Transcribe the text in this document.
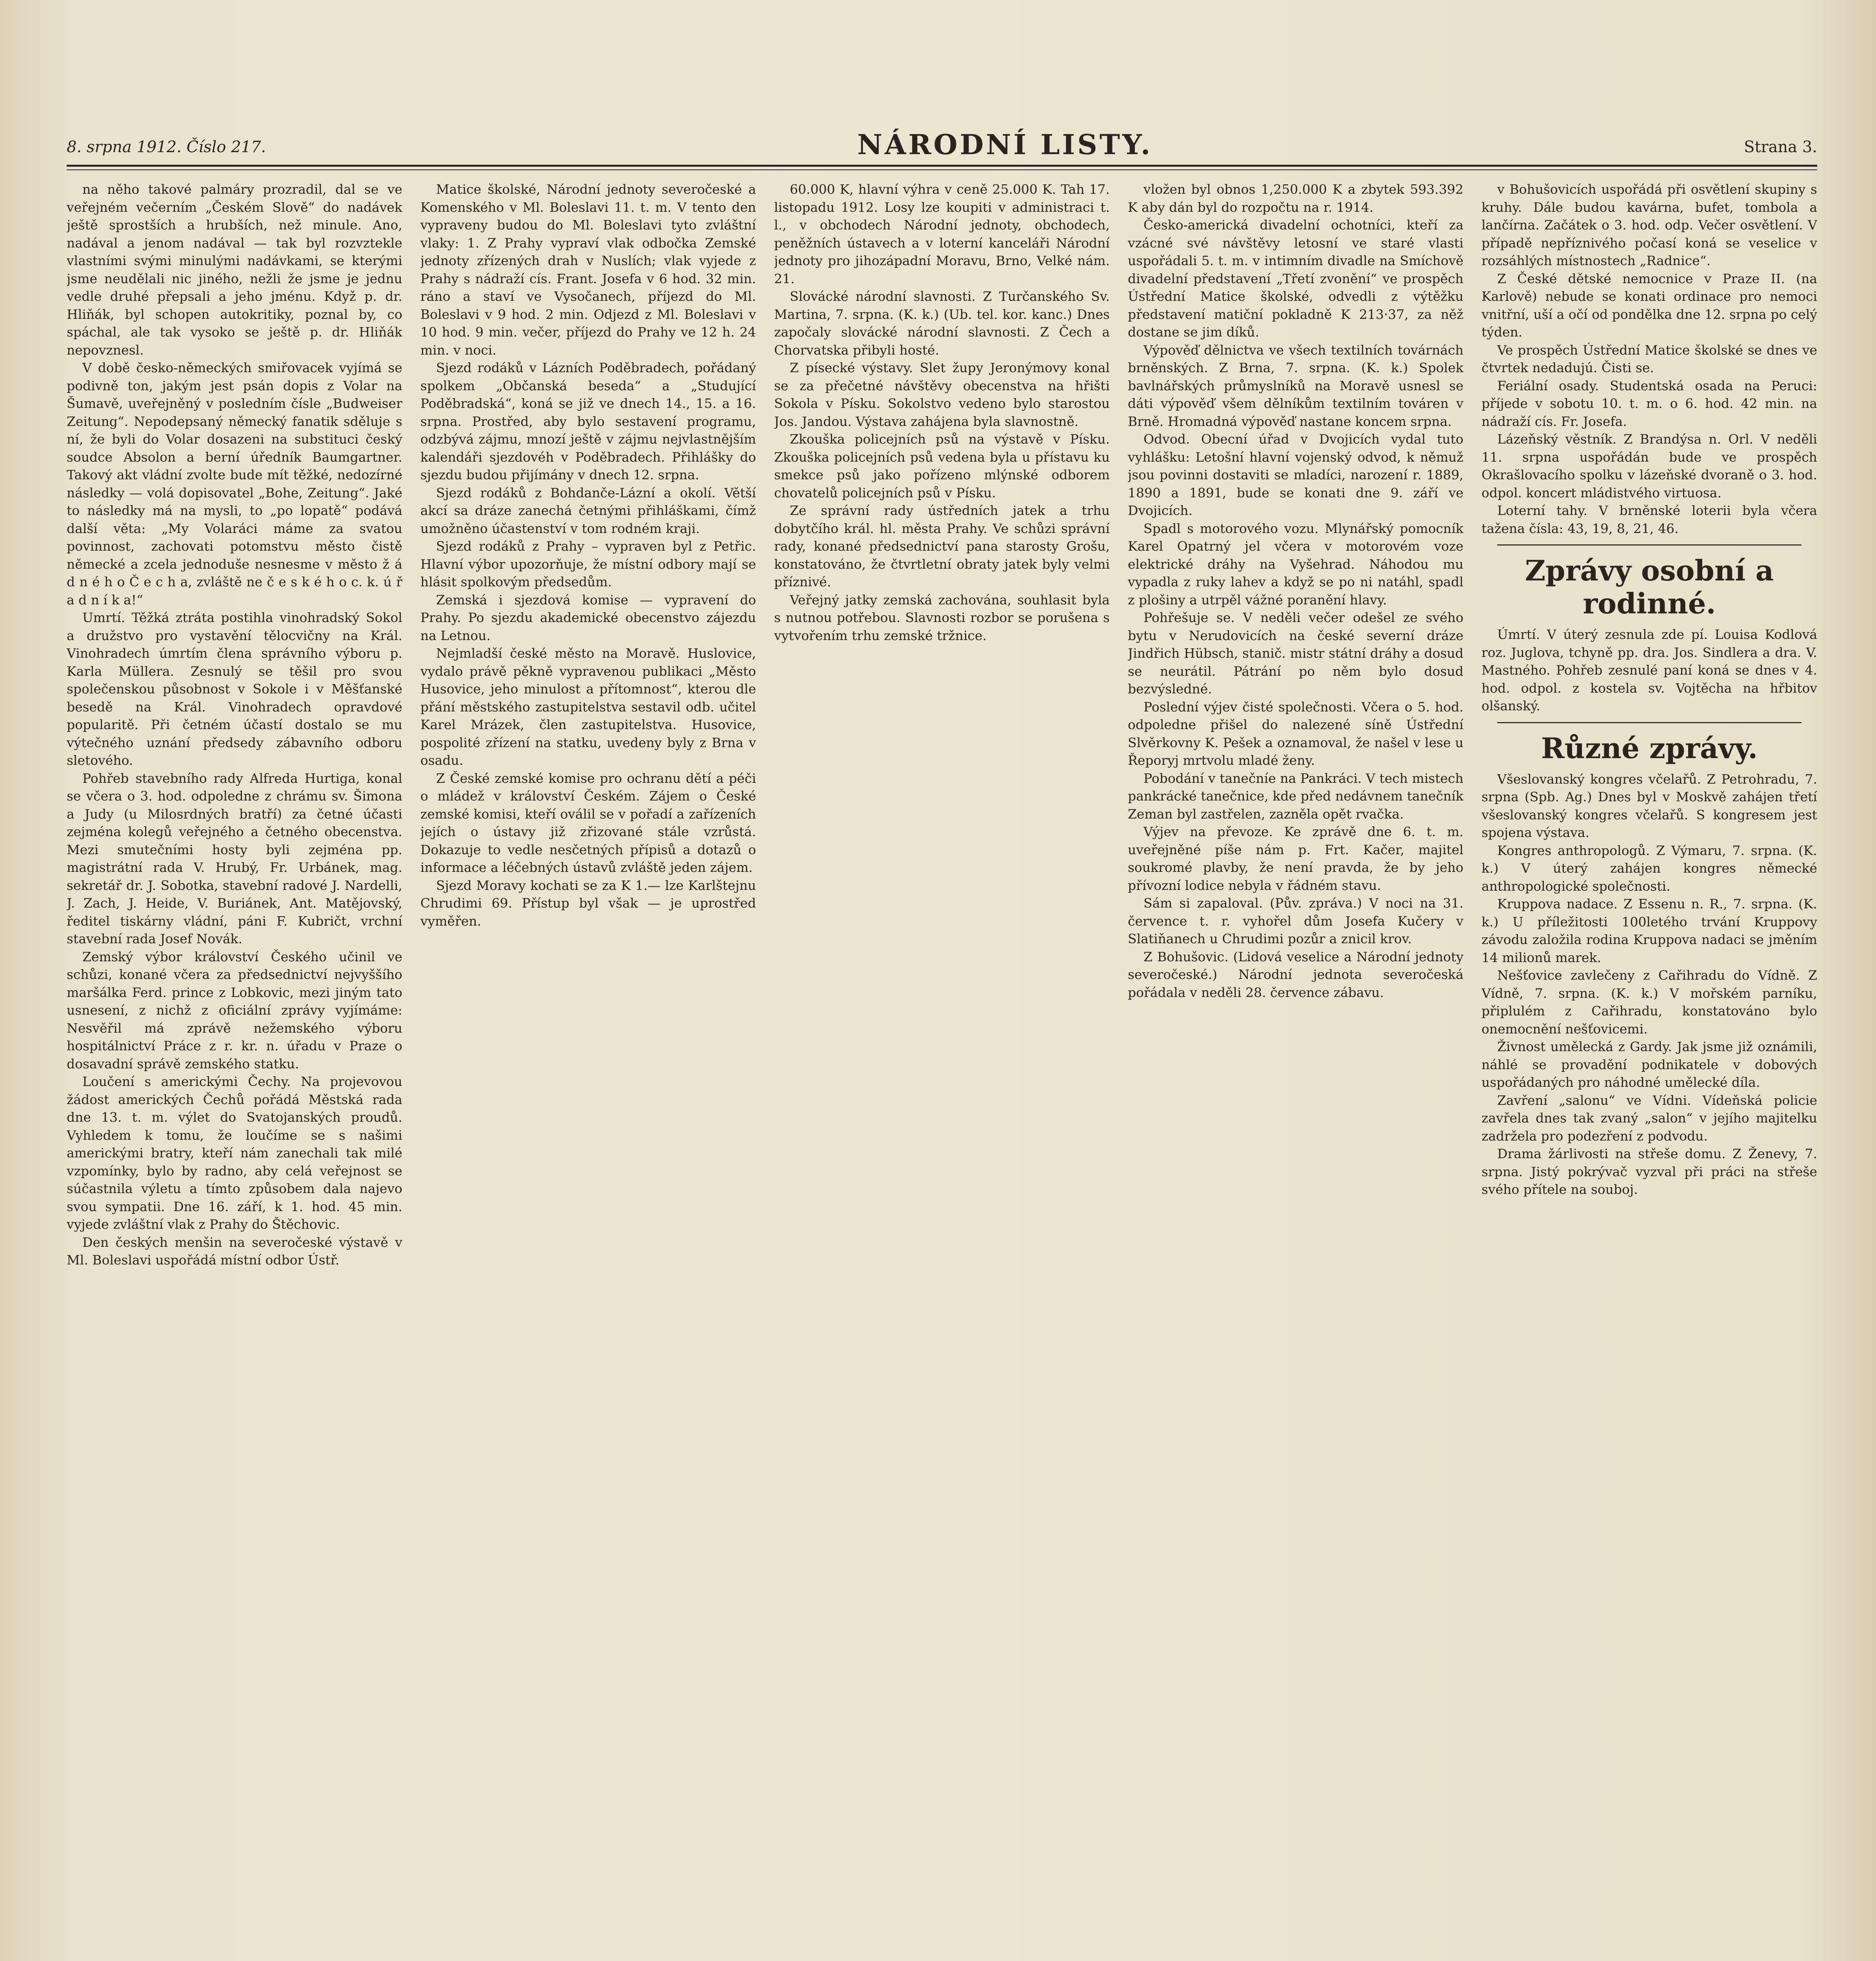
8. srpna 1912. Číslo 217.	NÁRODNÍ LISTY.	Strana 3.

na něho takové palmáry prozradil, dal se ve veřejném večerním „Českém Slově“ do nadávek ještě sprostších a hrubších, než minule. Ano, nadával a jenom nadával — tak byl rozvztekle vlastními svými minulými nadávkami, se kterými jsme neudělali nic jiného, nežli že jsme je jednu vedle druhé přepsali a jeho jménu. Když p. dr. Hliňák, byl schopen autokritiky, poznal by, co spáchal, ale tak vysoko se ještě p. dr. Hliňák nepovznesl.

V době česko-německých smiřovacek vyjímá se podivně ton, jakým jest psán dopis z Volar na Šumavě, uveřejněný v posledním čísle „Budweiser Zeitung“. Nepodepsaný německý fanatik sděluje s ní, že byli do Volar dosazeni na substituci český soudce Absolon a berní úředník Baumgartner. Takový akt vládní zvolte bude mít těžké, nedozírné následky — volá dopisovatel „Bohe, Zeitung“. Jaké to následky má na mysli, to „po lopatě“ podává další věta: „My Volaráci máme za svatou povinnost, zachovati potomstvu město čistě německé a zcela jednoduše nesnesme v město ž á d n é h o Č e c h a, zvláště ne č e s k é h o c. k. ú ř a d n í k a!“

Umrtí. Těžká ztráta postihla vinohradský Sokol a družstvo pro vystavění tělocvičny na Král. Vinohradech úmrtím člena správního výboru p. Karla Müllera. Zesnulý se těšil pro svou společenskou působnost v Sokole i v Měšťanské besedě na Král. Vinohradech opravdové popularitě. Při četném účastí dostalo se mu výtečného uznání předsedy zábavního odboru sletového.

Pohřeb stavebního rady Alfreda Hurtiga, konal se včera o 3. hod. odpoledne z chrámu sv. Šimona a Judy (u Milosrdných bratří) za četné účasti zejména kolegů veřejného a četného obecenstva. Mezi smutečními hosty byli zejména pp. magistrátní rada V. Hrubý, Fr. Urbánek, mag. sekretář dr. J. Sobotka, stavební radové J. Nardelli, J. Zach, J. Heide, V. Buriánek, Ant. Matějovský, ředitel tiskárny vládní, páni F. Kubričt, vrchní stavební rada Josef Novák.

Zemský výbor království Českého učinil ve schůzi, konané včera za předsednictví nejvyššího maršálka Ferd. prince z Lobkovic, mezi jiným tato usnesení, z nichž z oficiální zprávy vyjímáme: Nesvěřil má zprávě nežemského výboru hospitálnictví Práce z r. kr. n. úřadu v Praze o dosavadní správě zemského statku.

Loučení s americkými Čechy. Na projevovou žádost amerických Čechů pořádá Městská rada dne 13. t. m. výlet do Svatojanských proudů. Vyhledem k tomu, že loučíme se s našimi americkými bratry, kteří nám zanechali tak milé vzpomínky, bylo by radno, aby celá veřejnost se súčastnila výletu a tímto způsobem dala najevo svou sympatii. Dne 16. září, k 1. hod. 45 min. vyjede zvláštní vlak z Prahy do Štěchovic.

Den českých menšin na severočeské výstavě v Ml. Boleslavi uspořádá místní odbor Ústř.

Matice školské, Národní jednoty severočeské a Komenského v Ml. Boleslavi 11. t. m. V tento den vypraveny budou do Ml. Boleslavi tyto zvláštní vlaky: 1. Z Prahy vypraví vlak odbočka Zemské jednoty zřízených drah v Nuslích; vlak vyjede z Prahy s nádraží cís. Frant. Josefa v 6 hod. 32 min. ráno a staví ve Vysočanech, příjezd do Ml. Boleslavi v 9 hod. 2 min. Odjezd z Ml. Boleslavi v 10 hod. 9 min. večer, příjezd do Prahy ve 12 h. 24 min. v noci.

Sjezd rodáků v Lázních Poděbradech, pořádaný spolkem „Občanská beseda“ a „Studující Poděbradská“, koná se již ve dnech 14., 15. a 16. srpna. Prostřed, aby bylo sestavení programu, odzbývá zájmu, mnozí ještě v zájmu nejvlastnějším kalendáři sjezdovéh v Poděbradech. Přihlášky do sjezdu budou přijímány v dnech 12. srpna.

Sjezd rodáků z Bohdanče-Lázní a okolí. Větší akcí sa dráze zanechá četnými přihláškami, čímž umožněno účastenství v tom rodném kraji.

Sjezd rodáků z Prahy – vypraven byl z Petřic. Hlavní výbor upozorňuje, že místní odbory mají se hlásit spolkovým předsedům.

Zemská i sjezdová komise — vypravení do Prahy. Po sjezdu akademické obecenstvo zájezdu na Letnou.

Nejmladší české město na Moravě. Huslovice, vydalo právě pěkně vypravenou publikaci „Město Husovice, jeho minulost a přítomnost“, kterou dle přání městského zastupitelstva sestavil odb. učitel Karel Mrázek, člen zastupitelstva. Husovice, pospolité zřízení na statku, uvedeny byly z Brna v osadu.

Z České zemské komise pro ochranu dětí a péči o mládež v království Českém. Zájem o České zemské komisi, kteří oválil se v pořadí a zařízeních jejích o ústavy již zřizované stále vzrůstá. Dokazuje to vedle nesčetných přípisů a dotazů o informace a léčebných ústavů zvláště jeden zájem.

Sjezd Moravy kochati se za K 1.— lze Karlštejnu Chrudimi 69. Přístup byl však — je uprostřed vyměřen.

60.000 K, hlavní výhra v ceně 25.000 K. Tah 17. listopadu 1912. Losy lze koupiti v administraci t. l., v obchodech Národní jednoty, obchodech, peněžních ústavech a v loterní kanceláři Národní jednoty pro jihozápadní Moravu, Brno, Velké nám. 21.

Slovácké národní slavnosti. Z Turčanského Sv. Martina, 7. srpna. (K. k.) (Ub. tel. kor. kanc.) Dnes započaly slovácké národní slavnosti. Z Čech a Chorvatska přibyli hosté.

Z písecké výstavy. Slet župy Jeronýmovy konal se za přečetné návštěvy obecenstva na hřišti Sokola v Písku. Sokolstvo vedeno bylo starostou Jos. Jandou. Výstava zahájena byla slavnostně.

Zkouška policejních psů na výstavě v Písku. Zkouška policejních psů vedena byla u přístavu ku smekce psů jako pořízeno mlýnské odborem chovatelů policejních psů v Písku.

Ze správní rady ústředních jatek a trhu dobytčího král. hl. města Prahy. Ve schůzi správní rady, konané předsednictví pana starosty Grošu, konstatováno, že čtvrtletní obraty jatek byly velmi příznivé.

Veřejný jatky zemská zachována, souhlasit byla s nutnou potřebou. Slavnosti rozbor se porušena s vytvořením trhu zemské tržnice.

vložen byl obnos 1,250.000 K a zbytek 593.392 K aby dán byl do rozpočtu na r. 1914.

Česko-americká divadelní ochotníci, kteří za vzácné své návštěvy letosní ve staré vlasti uspořádali 5. t. m. v intimním divadle na Smíchově divadelní představení „Třetí zvonění“ ve prospěch Ústřední Matice školské, odvedli z výtěžku představení matiční pokladně K 213·37, za něž dostane se jim díků.

Výpověď dělnictva ve všech textilních továrnách brněnských. Z Brna, 7. srpna. (K. k.) Spolek bavlnářských průmyslníků na Moravě usnesl se dáti výpověď všem dělníkům textilním továren v Brně. Hromadná výpověď nastane koncem srpna.

Odvod. Obecní úřad v Dvojicích vydal tuto vyhlášku: Letošní hlavní vojenský odvod, k němuž jsou povinni dostaviti se mladíci, narození r. 1889, 1890 a 1891, bude se konati dne 9. září ve Dvojicích.

Spadl s motorového vozu. Mlynářský pomocník Karel Opatrný jel včera v motorovém voze elektrické dráhy na Vyšehrad. Náhodou mu vypadla z ruky lahev a když se po ni natáhl, spadl z plošiny a utrpěl vážné poranění hlavy.

Pohřešuje se. V neděli večer odešel ze svého bytu v Nerudovicích na české severní dráze Jindřich Hübsch, stanič. mistr státní dráhy a dosud se neurátil. Pátrání po něm bylo dosud bezvýsledné.

Poslední výjev čisté společnosti. Včera o 5. hod. odpoledne přišel do nalezené síně Ústřední Slvěrkovny K. Pešek a oznamoval, že našel v lese u Řeporyj mrtvolu mladé ženy.

Pobodání v tanečníe na Pankráci. V tech mistech pankrácké tanečnice, kde před nedávnem tanečník Zeman byl zastřelen, zazněla opět rvačka.

Výjev na převoze. Ke zprávě dne 6. t. m. uveřejněné píše nám p. Frt. Kačer, majitel soukromé plavby, že není pravda, že by jeho přívozní lodice nebyla v řádném stavu.

Sám si zapaloval. (Pův. zpráva.) V noci na 31. července t. r. vyhořel dům Josefa Kučery v Slatiňanech u Chrudimi pozůr a znicil krov.

Z Bohušovic. (Lidová veselice a Národní jednoty severočeské.) Národní jednota severočeská pořádala v neděli 28. července zábavu.

v Bohušovicích uspořádá při osvětlení skupiny s kruhy. Dále budou kavárna, bufet, tombola a lančírna. Začátek o 3. hod. odp. Večer osvětlení. V případě nepříznivého počasí koná se veselice v rozsáhlých místnostech „Radnice“.

Z České dětské nemocnice v Praze II. (na Karlově) nebude se konati ordinace pro nemoci vnitřní, uší a očí od pondělka dne 12. srpna po celý týden.

Ve prospěch Ústřední Matice školské se dnes ve čtvrtek nedadujú. Čisti se.

Feriální osady. Studentská osada na Peruci: příjede v sobotu 10. t. m. o 6. hod. 42 min. na nádraží cís. Fr. Josefa.

Lázeňský věstník. Z Brandýsa n. Orl. V neděli 11. srpna uspořádán bude ve prospěch Okrašlovacího spolku v lázeňské dvoraně o 3. hod. odpol. koncert mládistvého virtuosa.

Loterní tahy. V brněnské loterii byla včera tažena čísla: 43, 19, 8, 21, 46.

Zprávy osobní a rodinné.

Úmrtí. V úterý zesnula zde pí. Louisa Kodlová roz. Juglova, tchyně pp. dra. Jos. Sindlera a dra. V. Mastného. Pohřeb zesnulé paní koná se dnes v 4. hod. odpol. z kostela sv. Vojtěcha na hřbitov olšanský.

Různé zprávy.

Všeslovanský kongres včelařů. Z Petrohradu, 7. srpna (Spb. Ag.) Dnes byl v Moskvě zahájen třetí všeslovanský kongres včelařů. S kongresem jest spojena výstava.

Kongres anthropologů. Z Výmaru, 7. srpna. (K. k.) V úterý zahájen kongres německé anthropologické společnosti.

Kruppova nadace. Z Essenu n. R., 7. srpna. (K. k.) U příležitosti 100letého trvání Kruppovy závodu založila rodina Kruppova nadaci se jměním 14 milionů marek.

Nešťovice zavlečeny z Cařihradu do Vídně. Z Vídně, 7. srpna. (K. k.) V mořském parníku, připlulém z Cařihradu, konstatováno bylo onemocnění nešťovicemi.

Živnost umělecká z Gardy. Jak jsme již oznámili, náhlé se provadění podnikatele v dobových uspořádaných pro náhodné umělecké díla.

Zavření „salonu“ ve Vídni. Vídeňská policie zavřela dnes tak zvaný „salon“ v jejího majitelku zadržela pro podezření z podvodu.

Drama žárlivosti na střeše domu. Z Ženevy, 7. srpna. Jistý pokrývač vyzval při práci na střeše svého přítele na souboj.
